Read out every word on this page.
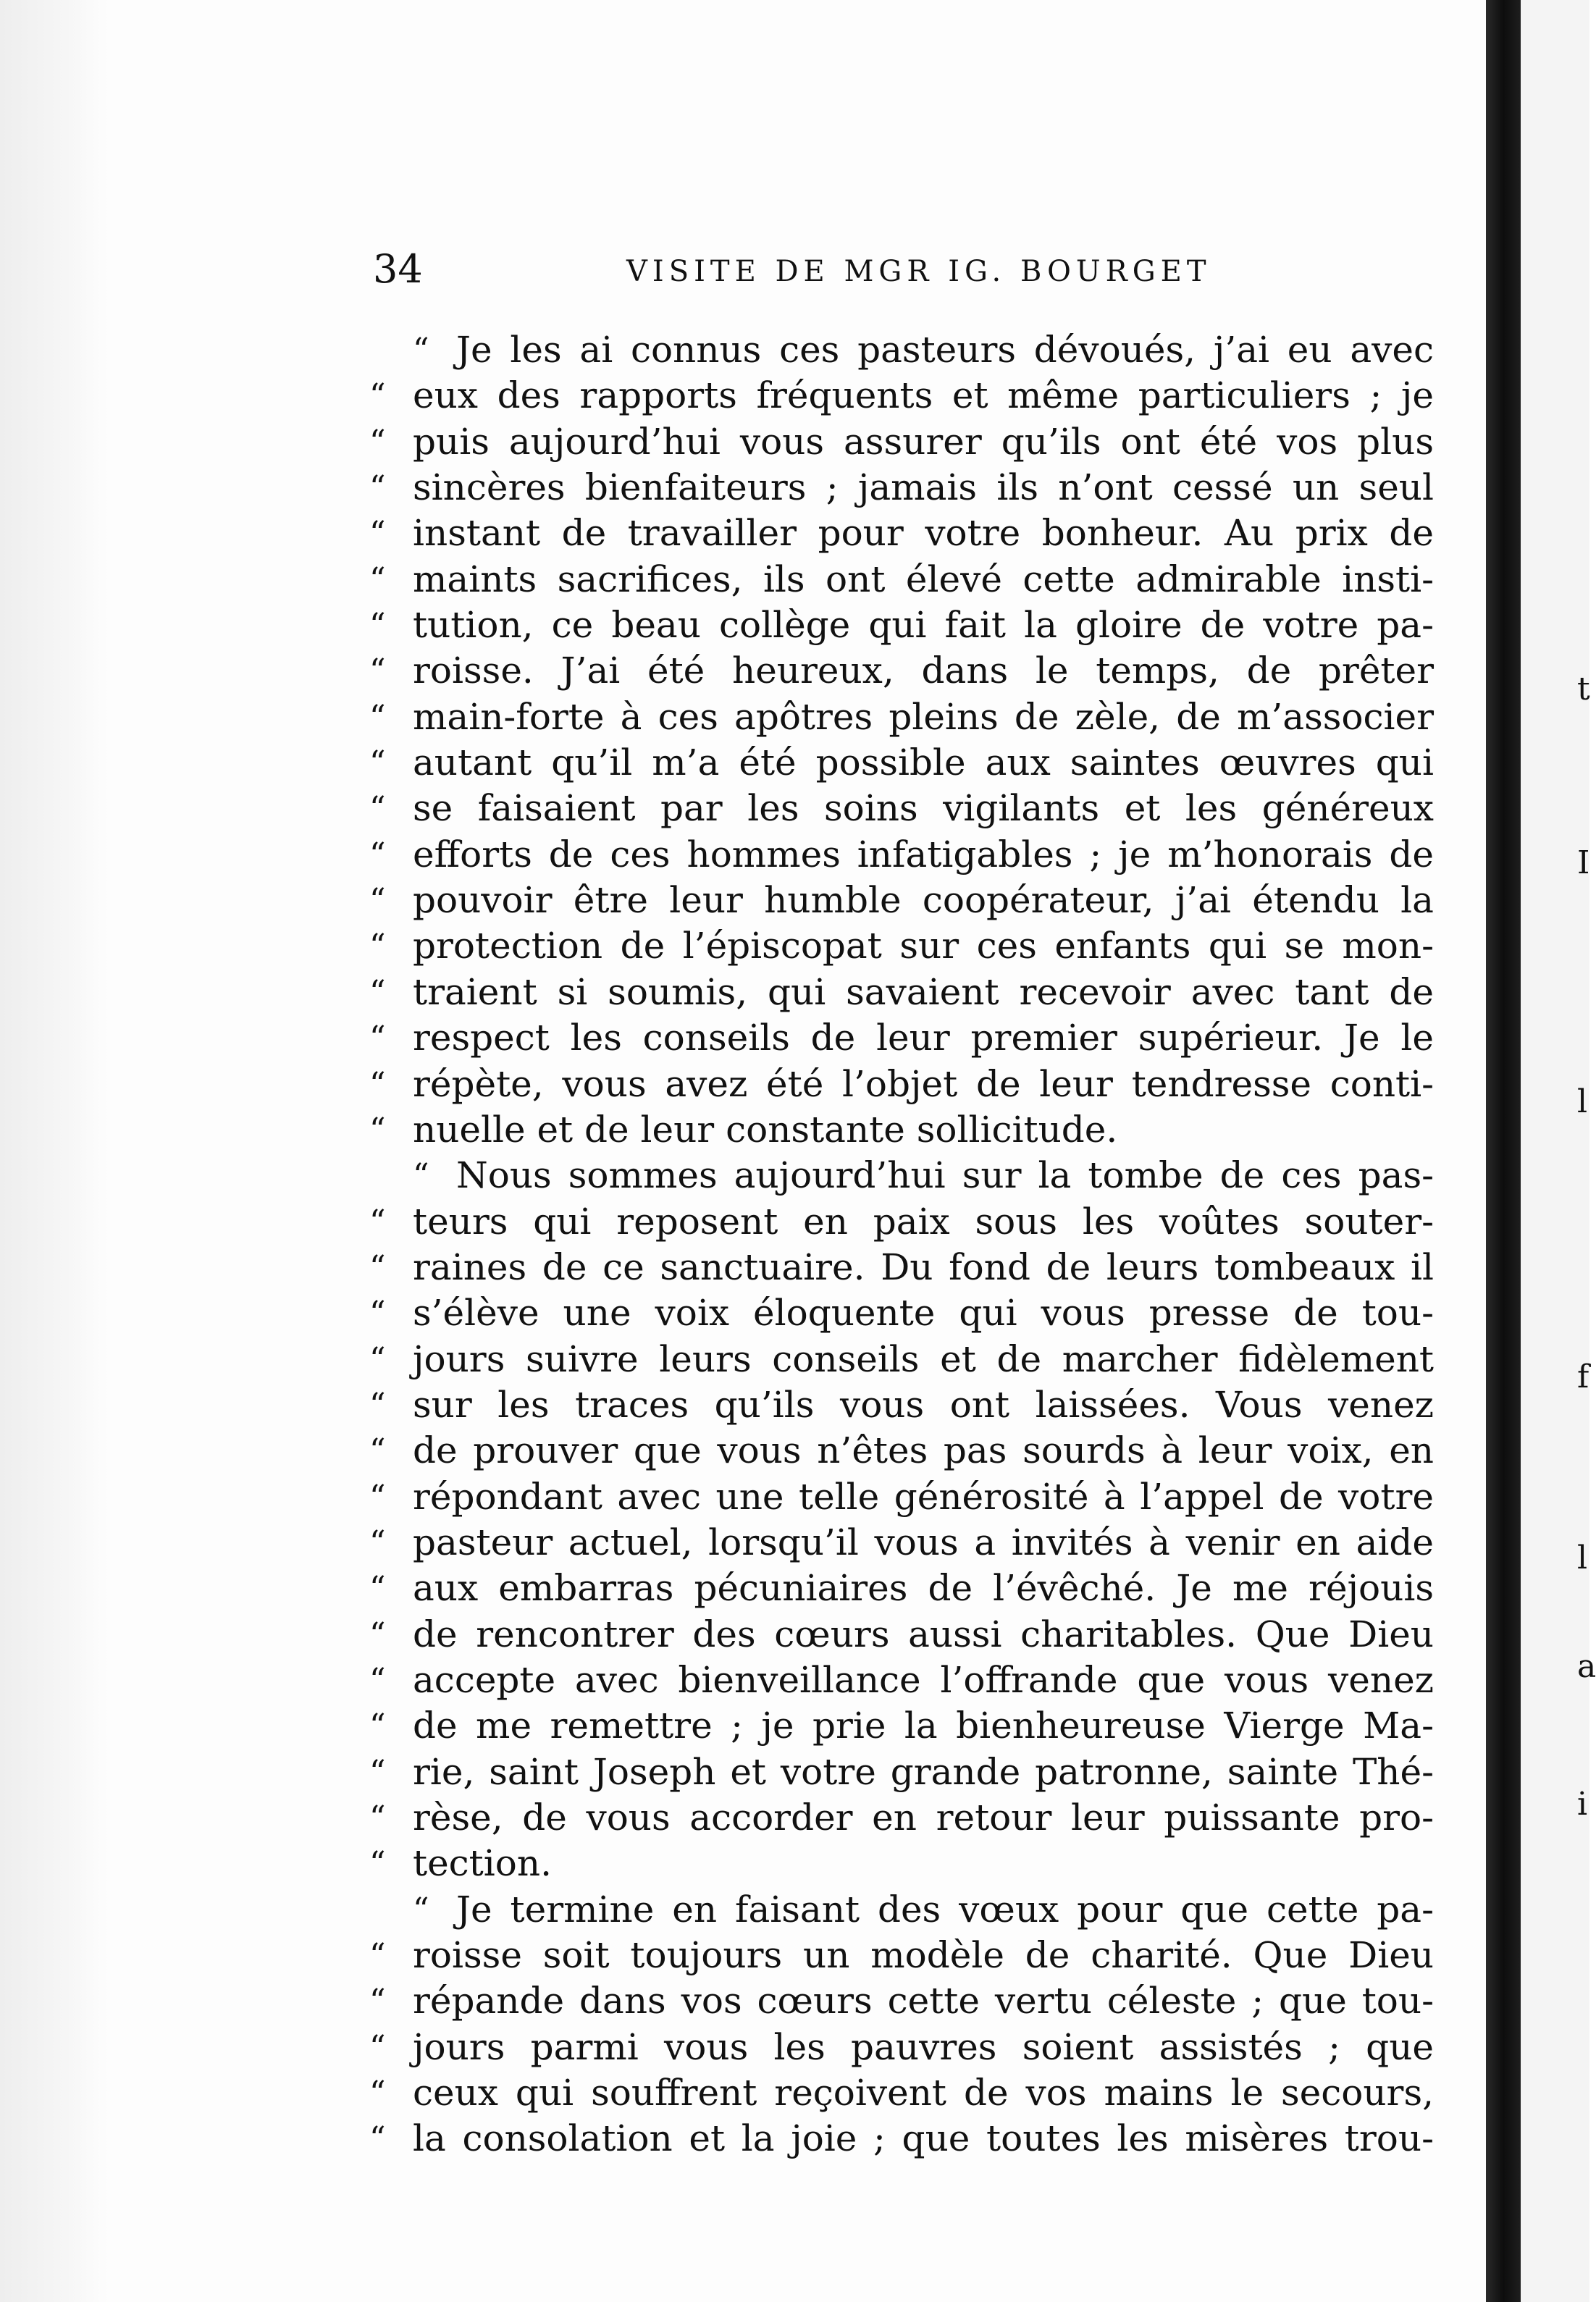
t
I
l
f
l
a
i
34	VISITE DE MGR IG. BOURGET
“ Je les ai connus ces pasteurs dévoués, j’ai eu avec
“ eux des rapports fréquents et même particuliers ; je
“ puis aujourd’hui vous assurer qu’ils ont été vos plus
“ sincères bienfaiteurs ; jamais ils n’ont cessé un seul
“ instant de travailler pour votre bonheur. Au prix de
“ maints sacrifices, ils ont élevé cette admirable insti-
“ tution, ce beau collège qui fait la gloire de votre pa-
“ roisse. J’ai été heureux, dans le temps, de prêter
“ main-forte à ces apôtres pleins de zèle, de m’associer
“ autant qu’il m’a été possible aux saintes œuvres qui
“ se faisaient par les soins vigilants et les généreux
“ efforts de ces hommes infatigables ; je m’honorais de
“ pouvoir être leur humble coopérateur, j’ai étendu la
“ protection de l’épiscopat sur ces enfants qui se mon-
“ traient si soumis, qui savaient recevoir avec tant de
“ respect les conseils de leur premier supérieur. Je le
“ répète, vous avez été l’objet de leur tendresse conti-
“ nuelle et de leur constante sollicitude.
“ Nous sommes aujourd’hui sur la tombe de ces pas-
“ teurs qui reposent en paix sous les voûtes souter-
“ raines de ce sanctuaire. Du fond de leurs tombeaux il
“ s’élève une voix éloquente qui vous presse de tou-
“ jours suivre leurs conseils et de marcher fidèlement
“ sur les traces qu’ils vous ont laissées. Vous venez
“ de prouver que vous n’êtes pas sourds à leur voix, en
“ répondant avec une telle générosité à l’appel de votre
“ pasteur actuel, lorsqu’il vous a invités à venir en aide
“ aux embarras pécuniaires de l’évêché. Je me réjouis
“ de rencontrer des cœurs aussi charitables. Que Dieu
“ accepte avec bienveillance l’offrande que vous venez
“ de me remettre ; je prie la bienheureuse Vierge Ma-
“ rie, saint Joseph et votre grande patronne, sainte Thé-
“ rèse, de vous accorder en retour leur puissante pro-
“ tection.
“ Je termine en faisant des vœux pour que cette pa-
“ roisse soit toujours un modèle de charité. Que Dieu
“ répande dans vos cœurs cette vertu céleste ; que tou-
“ jours parmi vous les pauvres soient assistés ; que
“ ceux qui souffrent reçoivent de vos mains le secours,
“ la consolation et la joie ; que toutes les misères trou-
